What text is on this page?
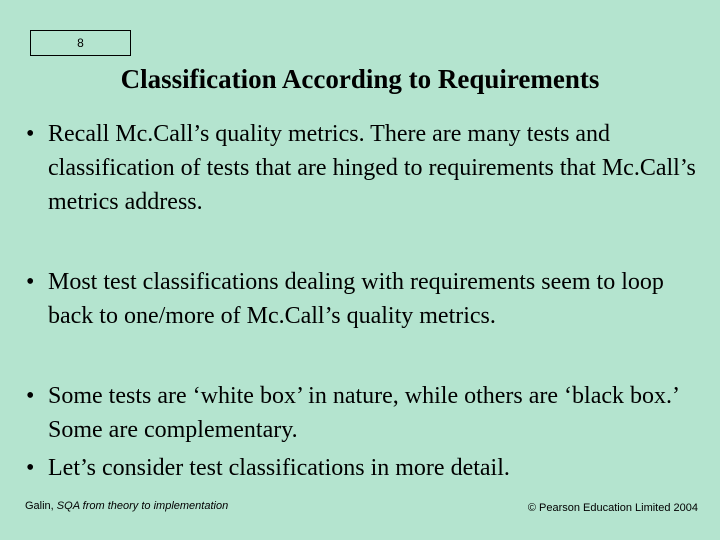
8
Classification According to Requirements
• Recall Mc.Call’s quality metrics. There are many tests and classification of tests that are hinged to requirements that Mc.Call’s metrics address.
• Most test classifications dealing with requirements seem to loop back to one/more of Mc.Call’s quality metrics.
• Some tests are ‘white box’ in nature, while others are ‘black box.’ Some are complementary.
• Let’s consider test classifications in more detail.
Galin, SQA from theory to implementation	© Pearson Education Limited 2004
